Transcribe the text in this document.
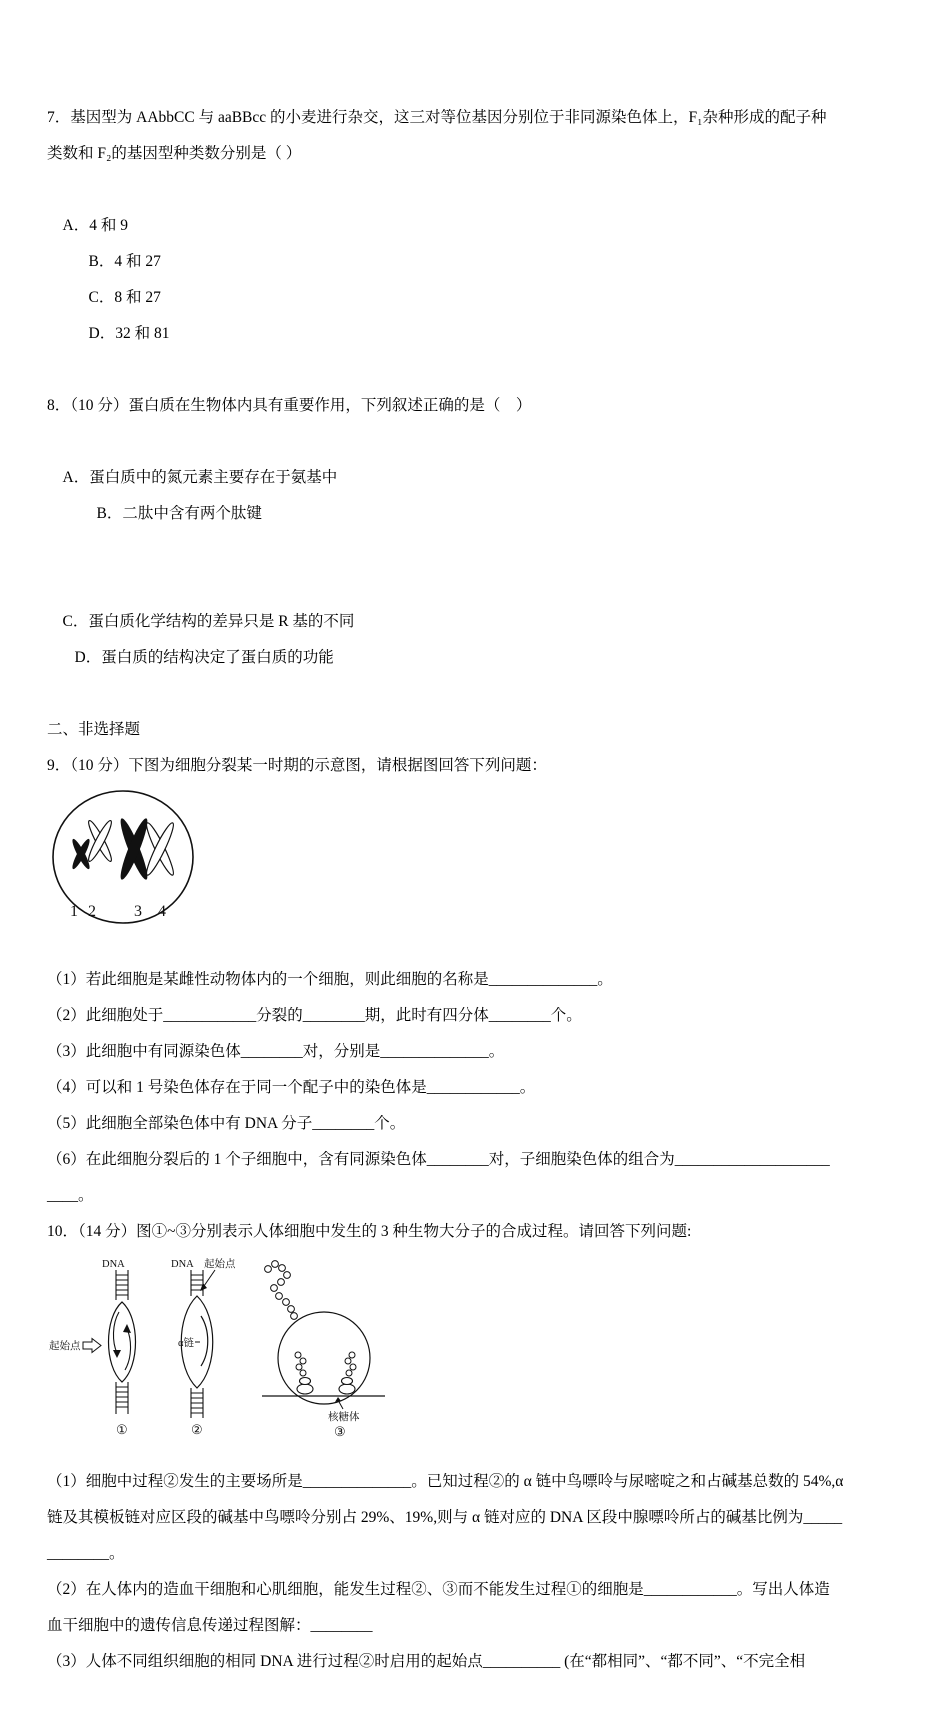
7．基因型为 AAbbCC 与 aaBBcc 的小麦进行杂交，这三对等位基因分别位于非同源染色体上，F₁杂种形成的配子种

类数和 F₂的基因型种类数分别是（ ）

A．4 和 9
B．4 和 27
C．8 和 27
D．32 和 81

8．（10 分）蛋白质在生物体内具有重要作用，下列叙述正确的是（　）

A．蛋白质中的氮元素主要存在于氨基中
B．二肽中含有两个肽键

C．蛋白质化学结构的差异只是 R 基的不同
D．蛋白质的结构决定了蛋白质的功能

二、非选择题

9．（10 分）下图为细胞分裂某一时期的示意图，请根据图回答下列问题：

1 2 3 4

（1）若此细胞是某雌性动物体内的一个细胞，则此细胞的名称是______________。

（2）此细胞处于____________分裂的________期，此时有四分体________个。

（3）此细胞中有同源染色体________对，分别是______________。

（4）可以和 1 号染色体存在于同一个配子中的染色体是____________。

（5）此细胞全部染色体中有 DNA 分子________个。

（6）在此细胞分裂后的 1 个子细胞中，含有同源染色体________对，子细胞染色体的组合为____________________

____。

10．（14 分）图①~③分别表示人体细胞中发生的 3 种生物大分子的合成过程。请回答下列问题:

DNA
起始点
①
DNA 起始点
α链
②
核糖体
③

（1）细胞中过程②发生的主要场所是______________。已知过程②的 α 链中鸟嘌呤与尿嘧啶之和占碱基总数的 54%,α

链及其模板链对应区段的碱基中鸟嘌呤分别占 29%、19%,则与 α 链对应的 DNA 区段中腺嘌呤所占的碱基比例为_____

________。

（2）在人体内的造血干细胞和心肌细胞，能发生过程②、③而不能发生过程①的细胞是____________。写出人体造

血干细胞中的遗传信息传递过程图解：________

（3）人体不同组织细胞的相同 DNA 进行过程②时启用的起始点__________ (在“都相同”、“都不同”、“不完全相
